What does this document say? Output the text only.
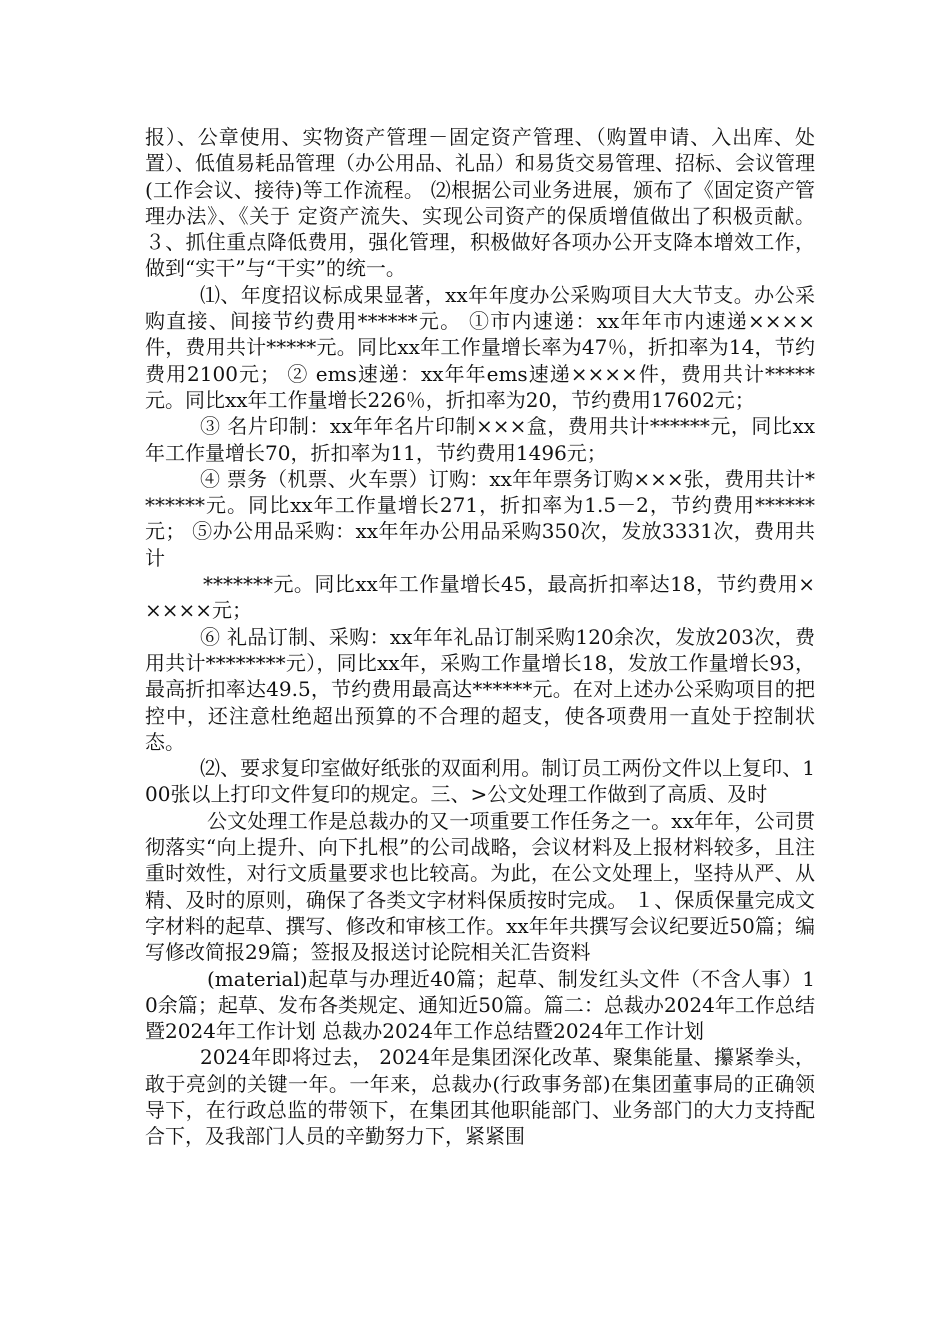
报）、公章使用、实物资产管理－固定资产管理、（购置申请、入出库、处置）、低值易耗品管理（办公用品、礼品）和易货交易管理、招标、会议管理(工作会议、接待)等工作流程。 ⑵根据公司业务进展，颁布了《固定资产管理办法》、《关于 定资产流失、实现公司资产的保质增值做出了积极贡献。３、抓住重点降低费用，强化管理，积极做好各项办公开支降本增效工作，做到“实干”与“干实”的统一。

⑴、年度招议标成果显著，xx年年度办公采购项目大大节支。办公采购直接、间接节约费用******元。 ①市内速递：xx年年市内速递××××件，费用共计*****元。同比xx年工作量增长率为47％，折扣率为14，节约费用2100元； ② ems速递：xx年年ems速递××××件，费用共计*****元。同比xx年工作量增长226％，折扣率为20，节约费用17602元；

③ 名片印制：xx年年名片印制×××盒，费用共计******元，同比xx年工作量增长70，折扣率为11，节约费用1496元；

④ 票务（机票、火车票）订购：xx年年票务订购×××张，费用共计*******元。同比xx年工作量增长271，折扣率为1.5－2，节约费用******元； ⑤办公用品采购：xx年年办公用品采购350次，发放3331次，费用共计

*******元。同比xx年工作量增长45，最高折扣率达18，节约费用×××××元；

⑥ 礼品订制、采购：xx年年礼品订制采购120余次，发放203次，费用共计********元），同比xx年，采购工作量增长18，发放工作量增长93，最高折扣率达49.5，节约费用最高达******元。在对上述办公采购项目的把控中，还注意杜绝超出预算的不合理的超支，使各项费用一直处于控制状态。

⑵、要求复印室做好纸张的双面利用。制订员工两份文件以上复印、100张以上打印文件复印的规定。三、>公文处理工作做到了高质、及时

公文处理工作是总裁办的又一项重要工作任务之一。xx年年，公司贯彻落实“向上提升、向下扎根”的公司战略，会议材料及上报材料较多，且注重时效性，对行文质量要求也比较高。为此，在公文处理上，坚持从严、从精、及时的原则，确保了各类文字材料保质按时完成。 １、保质保量完成文字材料的起草、撰写、修改和审核工作。xx年年共撰写会议纪要近50篇；编写修改简报29篇；签报及报送讨论院相关汇告资料

(material)起草与办理近40篇；起草、制发红头文件（不含人事）10余篇；起草、发布各类规定、通知近50篇。篇二：总裁办2024年工作总结暨2024年工作计划 总裁办2024年工作总结暨2024年工作计划

2024年即将过去， 2024年是集团深化改革、聚集能量、攥紧拳头，敢于亮剑的关键一年。一年来，总裁办(行政事务部)在集团董事局的正确领导下，在行政总监的带领下，在集团其他职能部门、业务部门的大力支持配合下，及我部门人员的辛勤努力下，紧紧围
